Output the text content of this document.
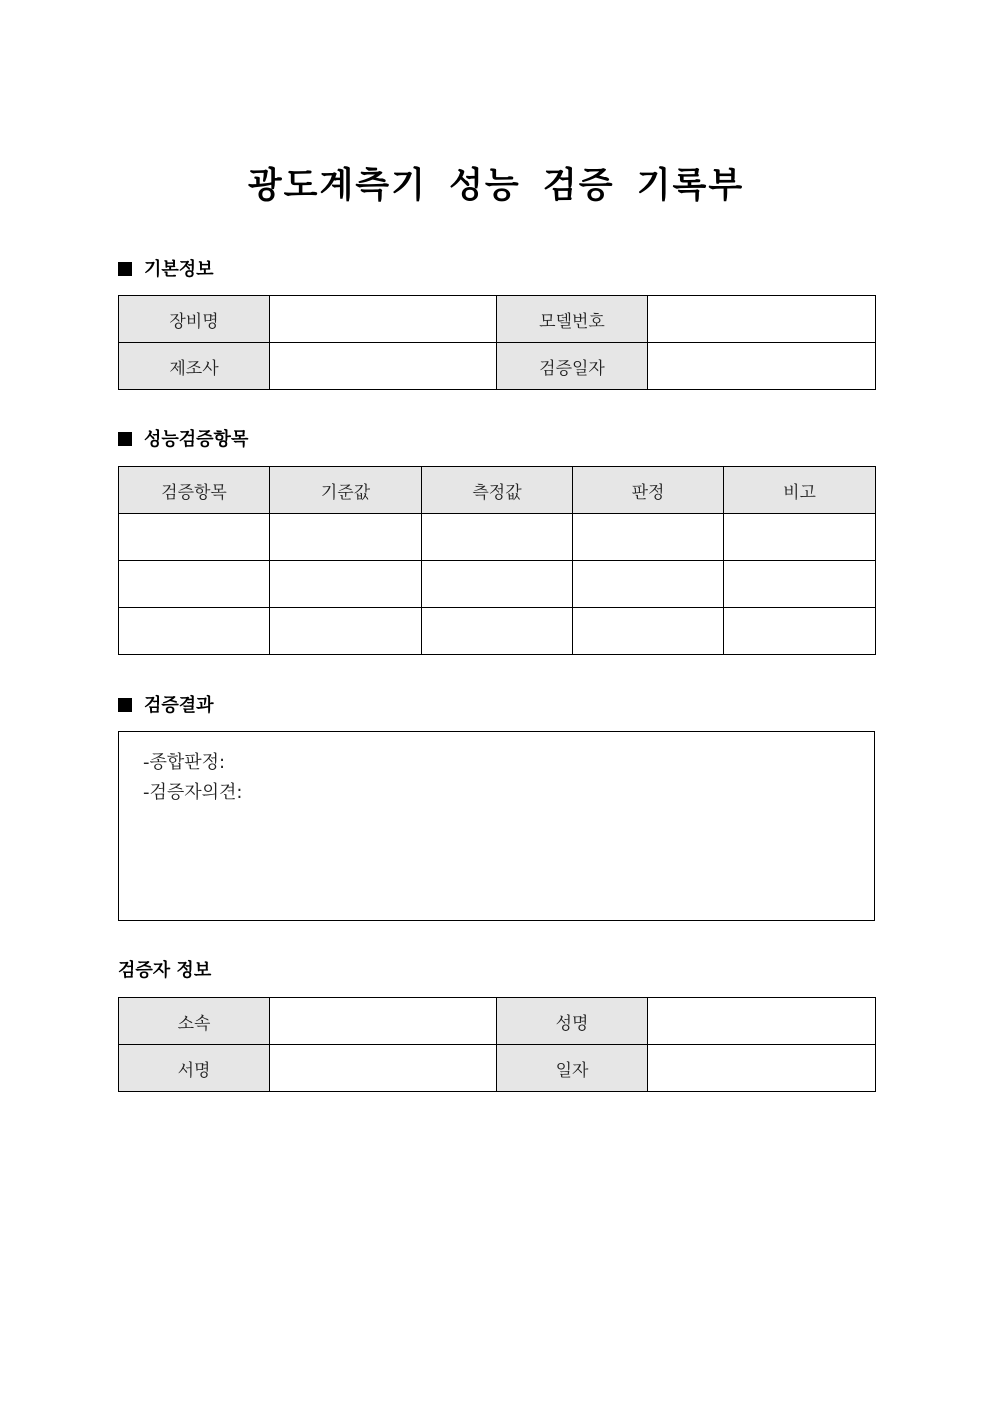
광도계측기 성능 검증 기록부
기본정보
장비명		모델번호	
제조사		검증일자	
성능검증항목
검증항목	기준값	측정값	판정	비고

검증결과
-종합판정:
-검증자의견:
검증자 정보
소속		성명	
서명		일자	
